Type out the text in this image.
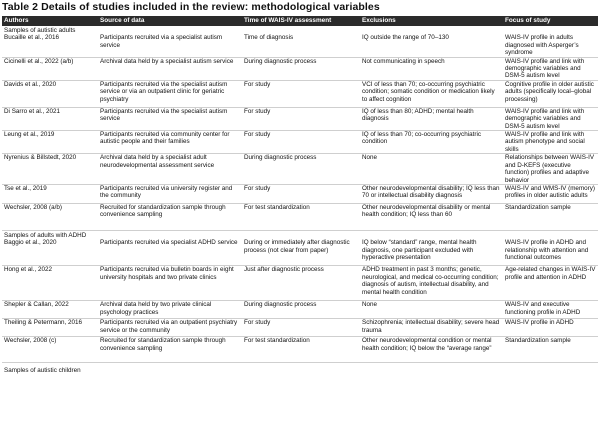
Table 2 Details of studies included in the review: methodological variables
Authors	Source of data	Time of WAIS-IV assessment	Exclusions	Focus of study
Samples of autistic adults				
Bucaille et al., 2016	Participants recruited via a specialist autism service	Time of diagnosis	IQ outside the range of 70–130	WAIS-IV profile in adults diagnosed with Asperger’s syndrome
Cicinelli et al., 2022 (a/b)	Archival data held by a specialist autism service	During diagnostic process	Not communicating in speech	WAIS-IV profile and link with demographic variables and DSM-5 autism level
Davids et al., 2020	Participants recruited via the specialist autism service or via an outpatient clinic for geriatric psychiatry	For study	VCI of less than 70; co-occurring psychiatric condition; somatic condition or medication likely to affect cognition	Cognitive profile in older autistic adults (specifically local–global processing)
Di Sarro et al., 2021	Participants recruited via the specialist autism service	For study	IQ of less than 80; ADHD; mental health diagnosis	WAIS-IV profile and link with demographic variables and DSM-5 autism level
Leung et al., 2019	Participants recruited via community center for autistic people and their families	For study	IQ of less than 70; co-occurring psychiatric condition	WAIS-IV profile and link with autism phenotype and social skills
Nyrenius & Billstedt, 2020	Archival data held by a specialist adult neurodevelopmental assessment service	During diagnostic process	None	Relationships between WAIS-IV and D-KEFS (executive function) profiles and adaptive behavior
Tse et al., 2019	Participants recruited via university register and the community	For study	Other neurodevelopmental disability; IQ less than 70 or intellectual disability diagnosis	WAIS-IV and WMS-IV (memory) profiles in older autistic adults
Wechsler, 2008 (a/b)	Recruited for standardization sample through convenience sampling	For test standardization	Other neurodevelopmental disability or mental health condition; IQ less than 60	Standardization sample
Samples of adults with ADHD				
Baggio et al., 2020	Participants recruited via specialist ADHD service	During or immediately after diagnostic process (not clear from paper)	IQ below “standard” range, mental health diagnosis, one participant excluded with hyperactive presentation	WAIS-IV profile in ADHD and relationship with attention and functional outcomes
Hong et al., 2022	Participants recruited via bulletin boards in eight university hospitals and two private clinics	Just after diagnostic process	ADHD treatment in past 3 months; genetic, neurological, and medical co-occurring condition; diagnosis of autism, intellectual disability, and mental health condition	Age-related changes in WAIS-IV profile and attention in ADHD
Shepler & Callan, 2022	Archival data held by two private clinical psychology practices	During diagnostic process	None	WAIS-IV and executive functioning profile in ADHD
Theiling & Petermann, 2016	Participants recruited via an outpatient psychiatry service or the community	For study	Schizophrenia; intellectual disability; severe head trauma	WAIS-IV profile in ADHD
Wechsler, 2008 (c)	Recruited for standardization sample through convenience sampling	For test standardization	Other neurodevelopmental condition or mental health condition; IQ below the “average range”	Standardization sample
Samples of autistic children				
